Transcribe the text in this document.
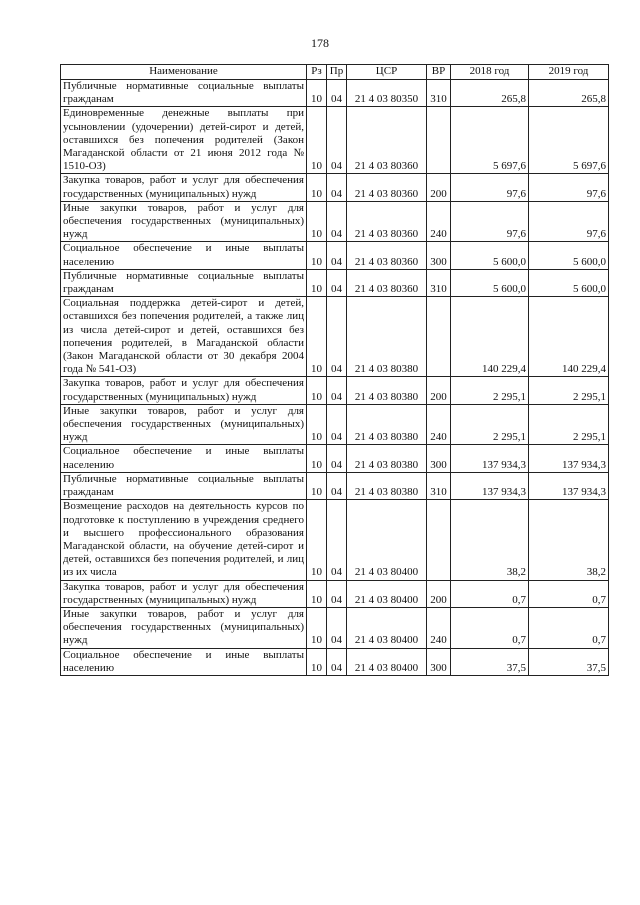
178
Наименование	Рз	Пр	ЦСР	ВР	2018 год	2019 год
Публичные нормативные социальные выплаты гражданам	10	04	21 4 03 80350	310	265,8	265,8
Единовременные денежные выплаты при усыновлении (удочерении) детей-сирот и детей, оставшихся без попечения родителей (Закон Магаданской области от 21 июня 2012 года № 1510-ОЗ)	10	04	21 4 03 80360		5 697,6	5 697,6
Закупка товаров, работ и услуг для обеспечения государственных (муниципальных) нужд	10	04	21 4 03 80360	200	97,6	97,6
Иные закупки товаров, работ и услуг для обеспечения государственных (муниципальных) нужд	10	04	21 4 03 80360	240	97,6	97,6
Социальное обеспечение и иные выплаты населению	10	04	21 4 03 80360	300	5 600,0	5 600,0
Публичные нормативные социальные выплаты гражданам	10	04	21 4 03 80360	310	5 600,0	5 600,0
Социальная поддержка детей-сирот и детей, оставшихся без попечения родителей, а также лиц из числа детей-сирот и детей, оставшихся без попечения родителей, в Магаданской области (Закон Магаданской области от 30 декабря 2004 года № 541-ОЗ)	10	04	21 4 03 80380		140 229,4	140 229,4
Закупка товаров, работ и услуг для обеспечения государственных (муниципальных) нужд	10	04	21 4 03 80380	200	2 295,1	2 295,1
Иные закупки товаров, работ и услуг для обеспечения государственных (муниципальных) нужд	10	04	21 4 03 80380	240	2 295,1	2 295,1
Социальное обеспечение и иные выплаты населению	10	04	21 4 03 80380	300	137 934,3	137 934,3
Публичные нормативные социальные выплаты гражданам	10	04	21 4 03 80380	310	137 934,3	137 934,3
Возмещение расходов на деятельность курсов по подготовке к поступлению в учреждения среднего и высшего профессионального образования Магаданской области, на обучение детей-сирот и детей, оставшихся без попечения родителей, и лиц из их числа	10	04	21 4 03 80400		38,2	38,2
Закупка товаров, работ и услуг для обеспечения государственных (муниципальных) нужд	10	04	21 4 03 80400	200	0,7	0,7
Иные закупки товаров, работ и услуг для обеспечения государственных (муниципальных) нужд	10	04	21 4 03 80400	240	0,7	0,7
Социальное обеспечение и иные выплаты населению	10	04	21 4 03 80400	300	37,5	37,5
